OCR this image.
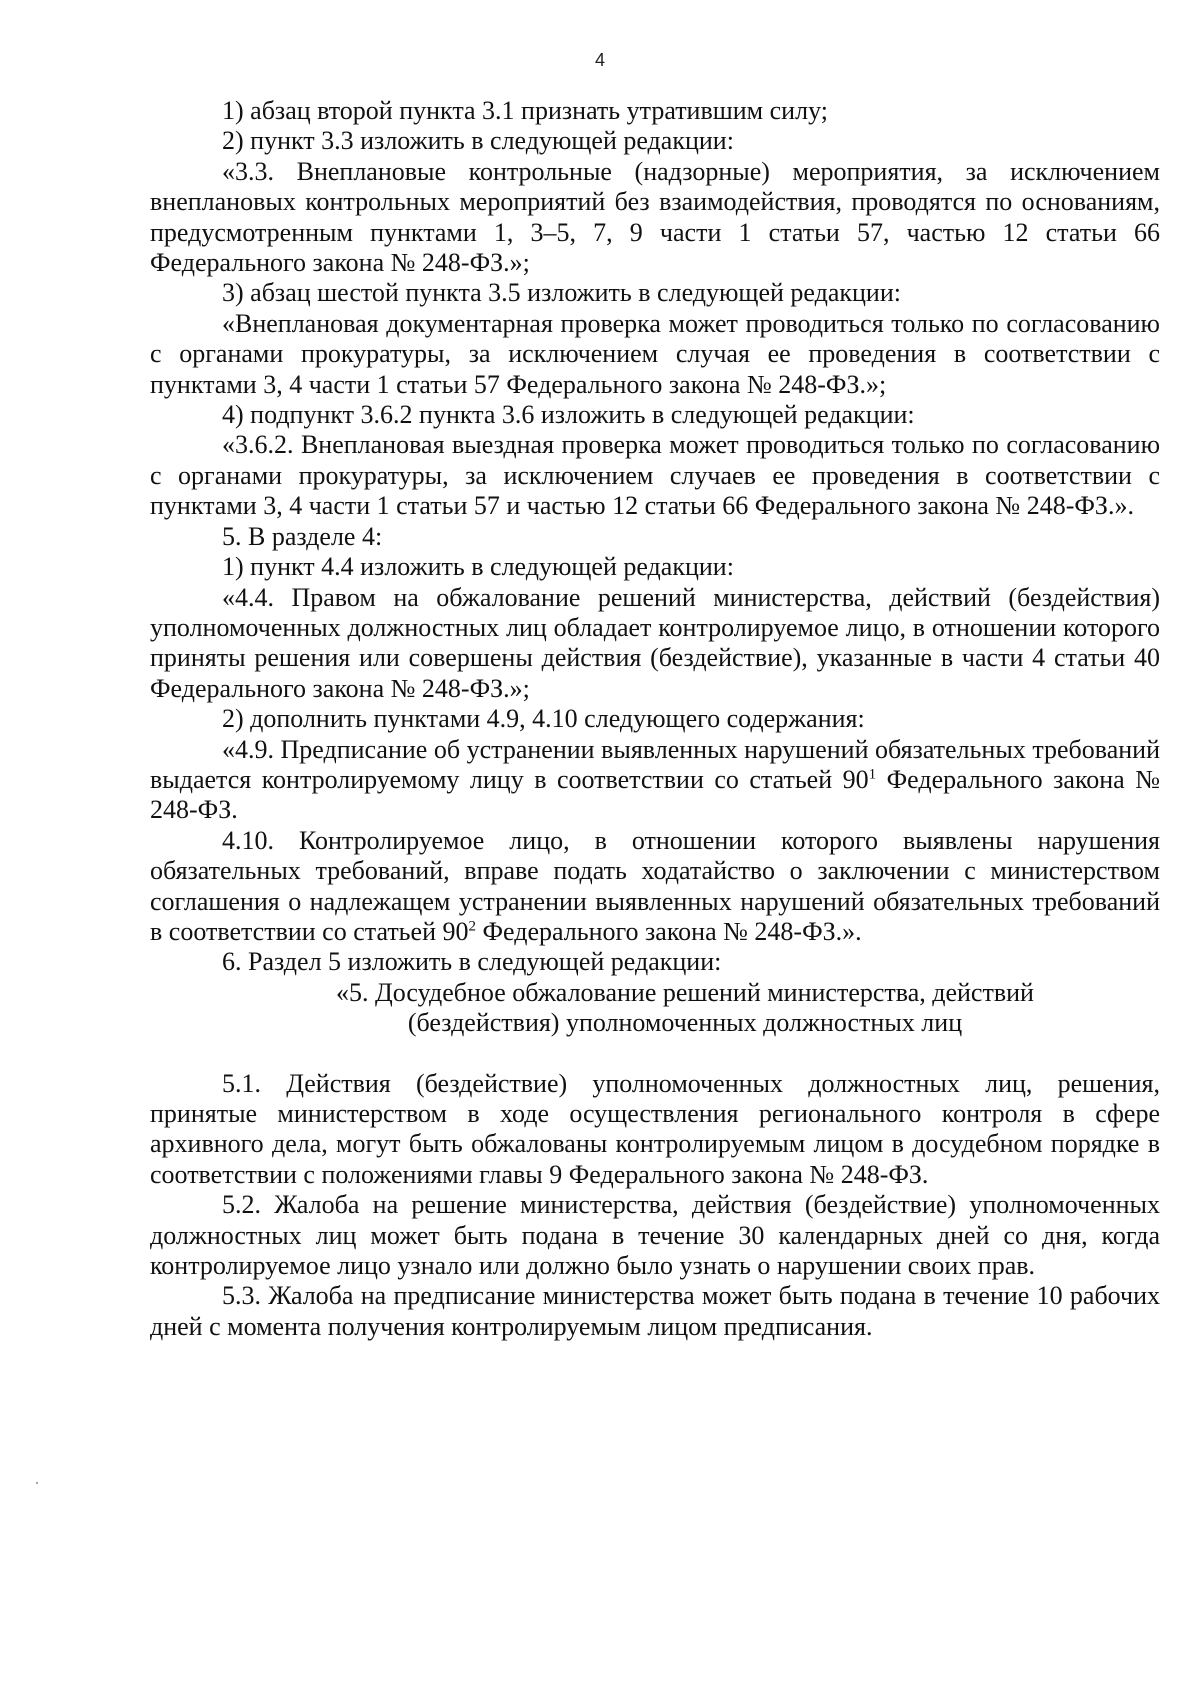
4

1) абзац второй пункта 3.1 признать утратившим силу;

2) пункт 3.3 изложить в следующей редакции:

«3.3. Внеплановые контрольные (надзорные) мероприятия, за исключением внеплановых контрольных мероприятий без взаимодействия, проводятся по основаниям, предусмотренным пунктами 1, 3–5, 7, 9 части 1 статьи 57, частью 12 статьи 66 Федерального закона № 248-ФЗ.»;

3) абзац шестой пункта 3.5 изложить в следующей редакции:

«Внеплановая документарная проверка может проводиться только по согласованию с органами прокуратуры, за исключением случая ее проведения в соответствии с пунктами 3, 4 части 1 статьи 57 Федерального закона № 248-ФЗ.»;

4) подпункт 3.6.2 пункта 3.6 изложить в следующей редакции:

«3.6.2. Внеплановая выездная проверка может проводиться только по согласованию с органами прокуратуры, за исключением случаев ее проведения в соответствии с пунктами 3, 4 части 1 статьи 57 и частью 12 статьи 66 Федерального закона № 248-ФЗ.».

5. В разделе 4:

1) пункт 4.4 изложить в следующей редакции:

«4.4. Правом на обжалование решений министерства, действий (бездействия) уполномоченных должностных лиц обладает контролируемое лицо, в отношении которого приняты решения или совершены действия (бездействие), указанные в части 4 статьи 40 Федерального закона № 248-ФЗ.»;

2) дополнить пунктами 4.9, 4.10 следующего содержания:

«4.9. Предписание об устранении выявленных нарушений обязательных требований выдается контролируемому лицу в соответствии со статьей $90^1$ Федерального закона № 248-ФЗ.

4.10. Контролируемое лицо, в отношении которого выявлены нарушения обязательных требований, вправе подать ходатайство о заключении с министерством соглашения о надлежащем устранении выявленных нарушений обязательных требований в соответствии со статьей $90^2$ Федерального закона № 248-ФЗ.».

6. Раздел 5 изложить в следующей редакции:

«5. Досудебное обжалование решений министерства, действий
(бездействия) уполномоченных должностных лиц

5.1. Действия (бездействие) уполномоченных должностных лиц, решения, принятые министерством в ходе осуществления регионального контроля в сфере архивного дела, могут быть обжалованы контролируемым лицом в досудебном порядке в соответствии с положениями главы 9 Федерального закона № 248-ФЗ.

5.2. Жалоба на решение министерства, действия (бездействие) уполномоченных должностных лиц может быть подана в течение 30 календарных дней со дня, когда контролируемое лицо узнало или должно было узнать о нарушении своих прав.

5.3. Жалоба на предписание министерства может быть подана в течение 10 рабочих дней с момента получения контролируемым лицом предписания.
